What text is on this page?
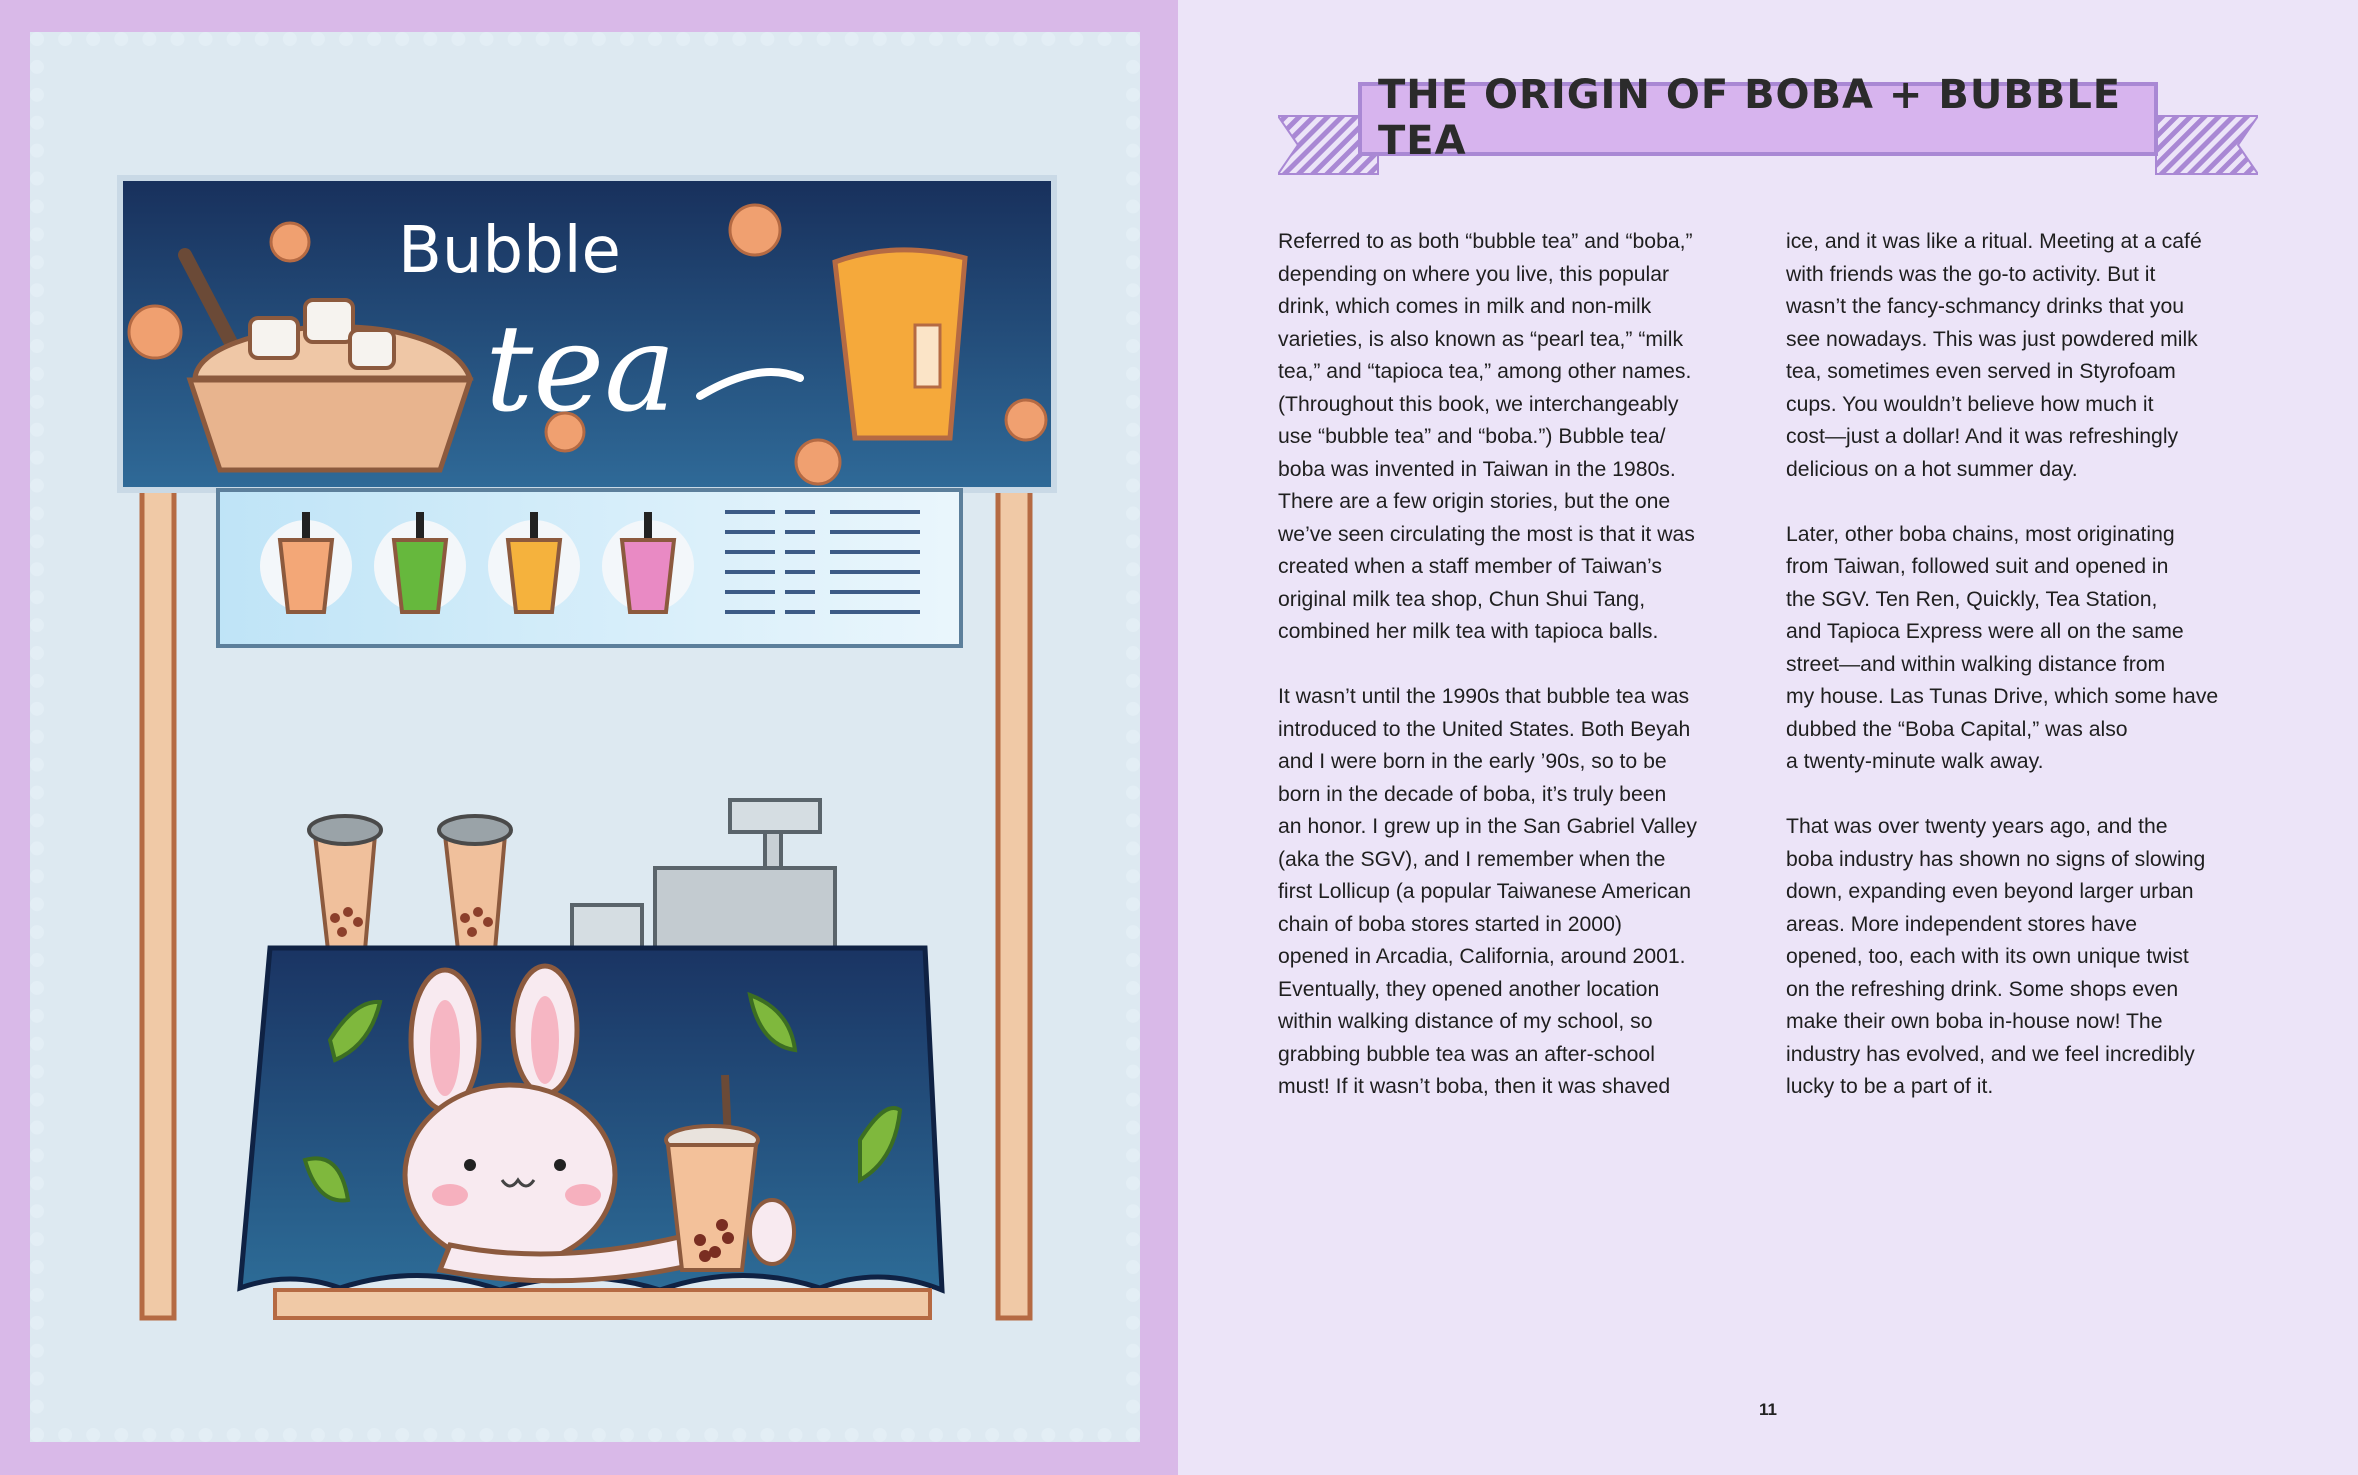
Bubble
tea
THE ORIGIN OF BOBA + BUBBLE TEA
Referred to as both “bubble tea” and “boba,”
depending on where you live, this popular
drink, which comes in milk and non-milk
varieties, is also known as “pearl tea,” “milk
tea,” and “tapioca tea,” among other names.
(Throughout this book, we interchangeably
use “bubble tea” and “boba.”) Bubble tea/
boba was invented in Taiwan in the 1980s.
There are a few origin stories, but the one
we’ve seen circulating the most is that it was
created when a staff member of Taiwan’s
original milk tea shop, Chun Shui Tang,
combined her milk tea with tapioca balls.
It wasn’t until the 1990s that bubble tea was
introduced to the United States. Both Beyah
and I were born in the early ’90s, so to be
born in the decade of boba, it’s truly been
an honor. I grew up in the San Gabriel Valley
(aka the SGV), and I remember when the
first Lollicup (a popular Taiwanese American
chain of boba stores started in 2000)
opened in Arcadia, California, around 2001.
Eventually, they opened another location
within walking distance of my school, so
grabbing bubble tea was an after-school
must! If it wasn’t boba, then it was shaved
ice, and it was like a ritual. Meeting at a café
with friends was the go-to activity. But it
wasn’t the fancy-schmancy drinks that you
see nowadays. This was just powdered milk
tea, sometimes even served in Styrofoam
cups. You wouldn’t believe how much it
cost—just a dollar! And it was refreshingly
delicious on a hot summer day.
Later, other boba chains, most originating
from Taiwan, followed suit and opened in
the SGV. Ten Ren, Quickly, Tea Station,
and Tapioca Express were all on the same
street—and within walking distance from
my house. Las Tunas Drive, which some have
dubbed the “Boba Capital,” was also
a twenty-minute walk away.
That was over twenty years ago, and the
boba industry has shown no signs of slowing
down, expanding even beyond larger urban
areas. More independent stores have
opened, too, each with its own unique twist
on the refreshing drink. Some shops even
make their own boba in-house now! The
industry has evolved, and we feel incredibly
lucky to be a part of it.
11
